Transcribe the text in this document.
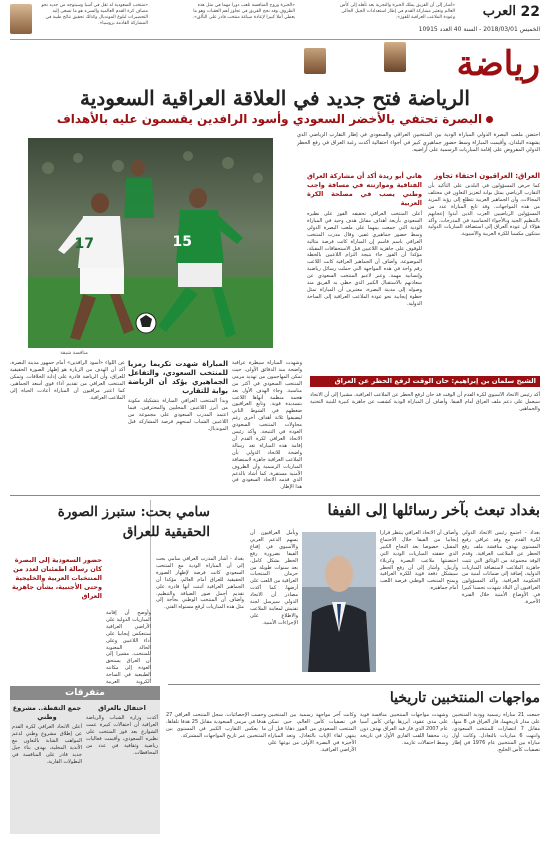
22
العرب
الخميس 2018/03/01 - السنة 40 العدد 10915
«أشار إلى أن الفريق يملك الخبرة والتجربة بعد تأهله إلى كأس العالم وتعتبر مشاركة القدم في إطار استعدادات الجيل الحالي وعودة الملاعب العراقية للفوز».
«الخبرة وروح المنافسة تلعب دورا مهما في مثل هذه الظروف وقد نجح الفريق في تجاوز أهم العقبات وهو ما يعطي أملا كبيرا لإعادة صياغة منتخب قادر على التألق».
«منتخب السعودية له ثقل في آسيا وسيتوجه من جديد نحو مصاف كرة القدم العالمية والسيء هو ما تسعى إليه التحضيرات لبلوغ المونديال وكذلك تحقيق نتائج طيبة في المشاركة القادمة بروسيا».
رياضة
الرياضة فتح جديد في العلاقة العراقية السعودية
البصرة تحتفي بالأخضر السعودي وأسود الرافدين يقسمون عليه بالأهداف
احتضن ملعب البصرة الدولي المباراة الودية بين المنتخبين العراقي والسعودي في إطار التقارب الرياضي الذي يشهده البلدان، وأقيمت المباراة وسط حضور جماهيري كبير في أجواء احتفالية أكدت رغبة العراق في رفع الحظر الدولي المفروض على إقامة المباريات الرسمية على أراضيه.
17	15
منافسة شيقة
العراق: العراقيون احتفاء تجاوز
كما حرص المسؤولون في البلدين على التأكيد بأن التقارب الرياضي يمثل بوابة لتعزيز التعاون في مختلف المجالات، وأن الجماهير العربية تتطلع إلى رؤية المزيد من هذه المواجهات. وقد تابع المباراة عدد من المسؤولين الرياضيين العرب الذين أبدوا إعجابهم بالتنظيم الجيد وبالأجواء الحماسية في المدرجات. وأكد هؤلاء أن عودة العراق إلى استضافة المباريات الدولية ستكون مكسبا للكرة العربية والآسيوية.
هاني أبو ريدة أكد أن مشاركة العراق الفتاقية وموازنته في مسافة واجب وطني يصب في مصلحة الكرة العربية
أعلن المنتخب العراقي تحقيقه الفوز على نظيره السعودي بأربعة أهداف مقابل هدف وحيد في المباراة الودية التي جمعت بينهما على ملعب البصرة الدولي وسط حضور جماهيري غفير. وقال مدرب المنتخب العراقي باسم قاسم إن المباراة كانت فرصة مثالية للوقوف على جاهزية اللاعبين قبل الاستحقاقات المقبلة، مؤكدا أن الفوز جاء نتيجة التزام اللاعبين بالخطة الموضوعة. وأضاف أن الجماهير العراقية كانت اللاعب رقم واحد في هذه المواجهة التي حملت رسائل رياضية وإنسانية مهمة. وعبر لاعبو المنتخب السعودي عن سعادتهم بالاستقبال الكبير الذي حظي به الفريق منذ وصوله إلى مدينة البصرة، معتبرين أن المباراة تمثل خطوة إيجابية نحو عودة الملاعب العراقية إلى الساحة الدولية.
الشيخ سلمان بن إبراهيم: حان الوقت لرفع الحظر عن العراق
أكد رئيس الاتحاد الآسيوي لكرة القدم أن الوقت قد حان لرفع الحظر عن الملاعب العراقية، مشيرا إلى أن الاتحاد سيعمل على دعم ملف العراق أمام الفيفا. وأضاف أن المباراة الودية كشفت عن جاهزية كبيرة للبنية التحتية والجماهير.
وشهدت المباراة سيطرة عراقية واضحة منذ الدقائق الأولى، حيث تمكن المهاجمون من تهديد مرمى المنتخب السعودي في أكثر من مناسبة. وجاء الهدف الأول بعد هجمة منظمة أنهاها اللاعب بتسديدة قوية. وتابع العراقيون ضغطهم في الشوط الثاني ليضيفوا ثلاثة أهداف أخرى رغم محاولات المنتخب السعودي العودة في النتيجة. وأكد رئيس الاتحاد العراقي لكرة القدم أن إقامة هذه المباراة تعد رسالة واضحة للاتحاد الدولي بأن الملاعب العراقية جاهزة لاستضافة المباريات الرسمية وأن الظروف الأمنية مستقرة. كما أشاد بالدعم الذي قدمه الاتحاد السعودي في هذا الإطار.
المباراة شهدت تكريما رمزيا للمنتخب السعودي، والتفاعل الجماهيري يؤكد أن الرياضة بوابة للتقارب
وبدأ المنتخب العراقي المباراة بتشكيلة مكونة من أبرز اللاعبين المحليين والمحترفين، فيما اعتمد المدرب السعودي على مجموعة من اللاعبين الشباب لمنحهم فرصة المشاركة قبل المونديال.
عن اللواء «أسود الرافدين» أمام جمهور مدينة البصرة، أكد أن الهدف من الزيارة هو إظهار الصورة الحقيقية للعراق، وأن الرياضة قادرة على إذابة الخلافات. وتمكن المنتخب العراقي من تقديم أداء قوي أسعد الجماهير، كما اعتبر مراقبون أن المباراة أعادت الحياة إلى الملاعب العراقية.
بغداد تبعث بآخر رسائلها إلى الفيفا
بغداد - اجتمع رئيس الاتحاد الدولي لكرة القدم مع وفد عراقي رفيع المستوى بهدف مناقشة ملف رفع الحظر عن الملاعب العراقية. وقدم الوفد مجموعة من الوثائق التي تثبت جاهزية الملاعب لاستضافة المباريات الدولية، إضافة إلى ضمانات أمنية من الحكومة العراقية. وأكد المسؤولون العراقيون أن البلاد شهدت تحسنا كبيرا في الأوضاع الأمنية خلال الفترة الأخيرة.
وأضاف أن الاتحاد العراقي ينتظر قرارا إيجابيا من الفيفا خلال الاجتماع المقبل، خصوصا بعد النجاح الكبير الذي حققته المباريات الودية التي احتضنتها ملاعب البصرة وكربلاء وأربيل. وأشار إلى أن رفع الحظر سيشكل دفعة قوية للكرة العراقية ويمنح المنتخب الوطني فرصة اللعب أمام جماهيره.
ويأمل العراقيون أن يسهم الدعم العربي والآسيوي في إقناع الفيفا بضرورة رفع الحظر بشكل كامل، بعد سنوات طويلة من حرمان المنتخبات العراقية من اللعب على أرضها. كما أكدت مصادر أن الاتحاد الدولي سيرسل لجنة تفتيش لمعاينة الملاعب والاطلاع على الإجراءات الأمنية.
سامي بحت: ستبرز الصورة الحقيقية للعراق
حضور السعودية إلى البصرة كان رسالة اطمئنان لعدد من المنتخبات العربية والخليجية وحتى الأجنبية، بشأن جاهزية العراق
بغداد - أشار المدرب العراقي سامي بحت إلى أن المباراة الودية مع المنتخب السعودي كانت فرصة لإظهار الصورة الحقيقية للعراق أمام العالم، مؤكدا أن الجماهير العراقية أثبتت أنها قادرة على تقديم أجمل صور الضيافة والتنظيم. وأضاف أن المنتخب الوطني بحاجة إلى مثل هذه المباريات لرفع مستواه الفني.
وأوضح أن إقامة المباريات الدولية على الأراضي العراقية ستنعكس إيجابيا على أداء اللاعبين وعلى الحالة المعنوية للمنتخب، مشيرا إلى أن العراق يستحق العودة إلى مكانته الطبيعية في الساحة الكروية العربية
متفرقات
جمع التقطة.. مشروع وطني
أعلن الاتحاد العراقي لكرة القدم عن إطلاق مشروع وطني لدعم المواهب الشابة بالتعاون مع الأندية المحلية، بهدف بناء جيل جديد قادر على المنافسة في البطولات القارية.
احتفال بالعراق
أكدت وزارة الشباب والرياضة العراقية أن احتفالات كبيرة عمت الشوارع بعد فوز المنتخب على نظيره السعودي، وأقيمت فعاليات رياضية وثقافية في عدد من المحافظات.
مواجهات المنتخبين تاريخيا
جمعت 21 مباراة رسمية وودية المنتخبين على مدار تاريخهما، فاز العراق في 8 منها، مقابل 7 انتصارات للمنتخب السعودي، وانتهت 6 مباريات بالتعادل. وكانت أول مباراة بين المنتخبين عام 1976 في إطار تصفيات كأس الخليج.
وشهدت مواجهات المنتخبين منافسة قوية على مدى عقود، أبرزها نهائي كأس آسيا عام 2007 الذي فاز فيه العراق بهدف دون رد، محققا اللقب القاري الأول في تاريخه وسط احتفالات عارمة.
وكانت آخر مواجهة رسمية بين المنتخبين في تصفيات كأس العالم، حين تمكن المنتخب السعودي من الفوز ذهابا قبل أن ينتهي لقاء الإياب بالتعادل. وتعد المباراة الأخيرة في البصرة الأولى من نوعها على الأراضي العراقية.
وحسب الإحصائيات، سجل المنتخب العراقي 27 هدفا في مرمى السعودية مقابل 25 هدفا تلقاها، ما يعكس التقارب الكبير في المستوى بين المنتخبين عبر تاريخ المواجهات المشتركة.
